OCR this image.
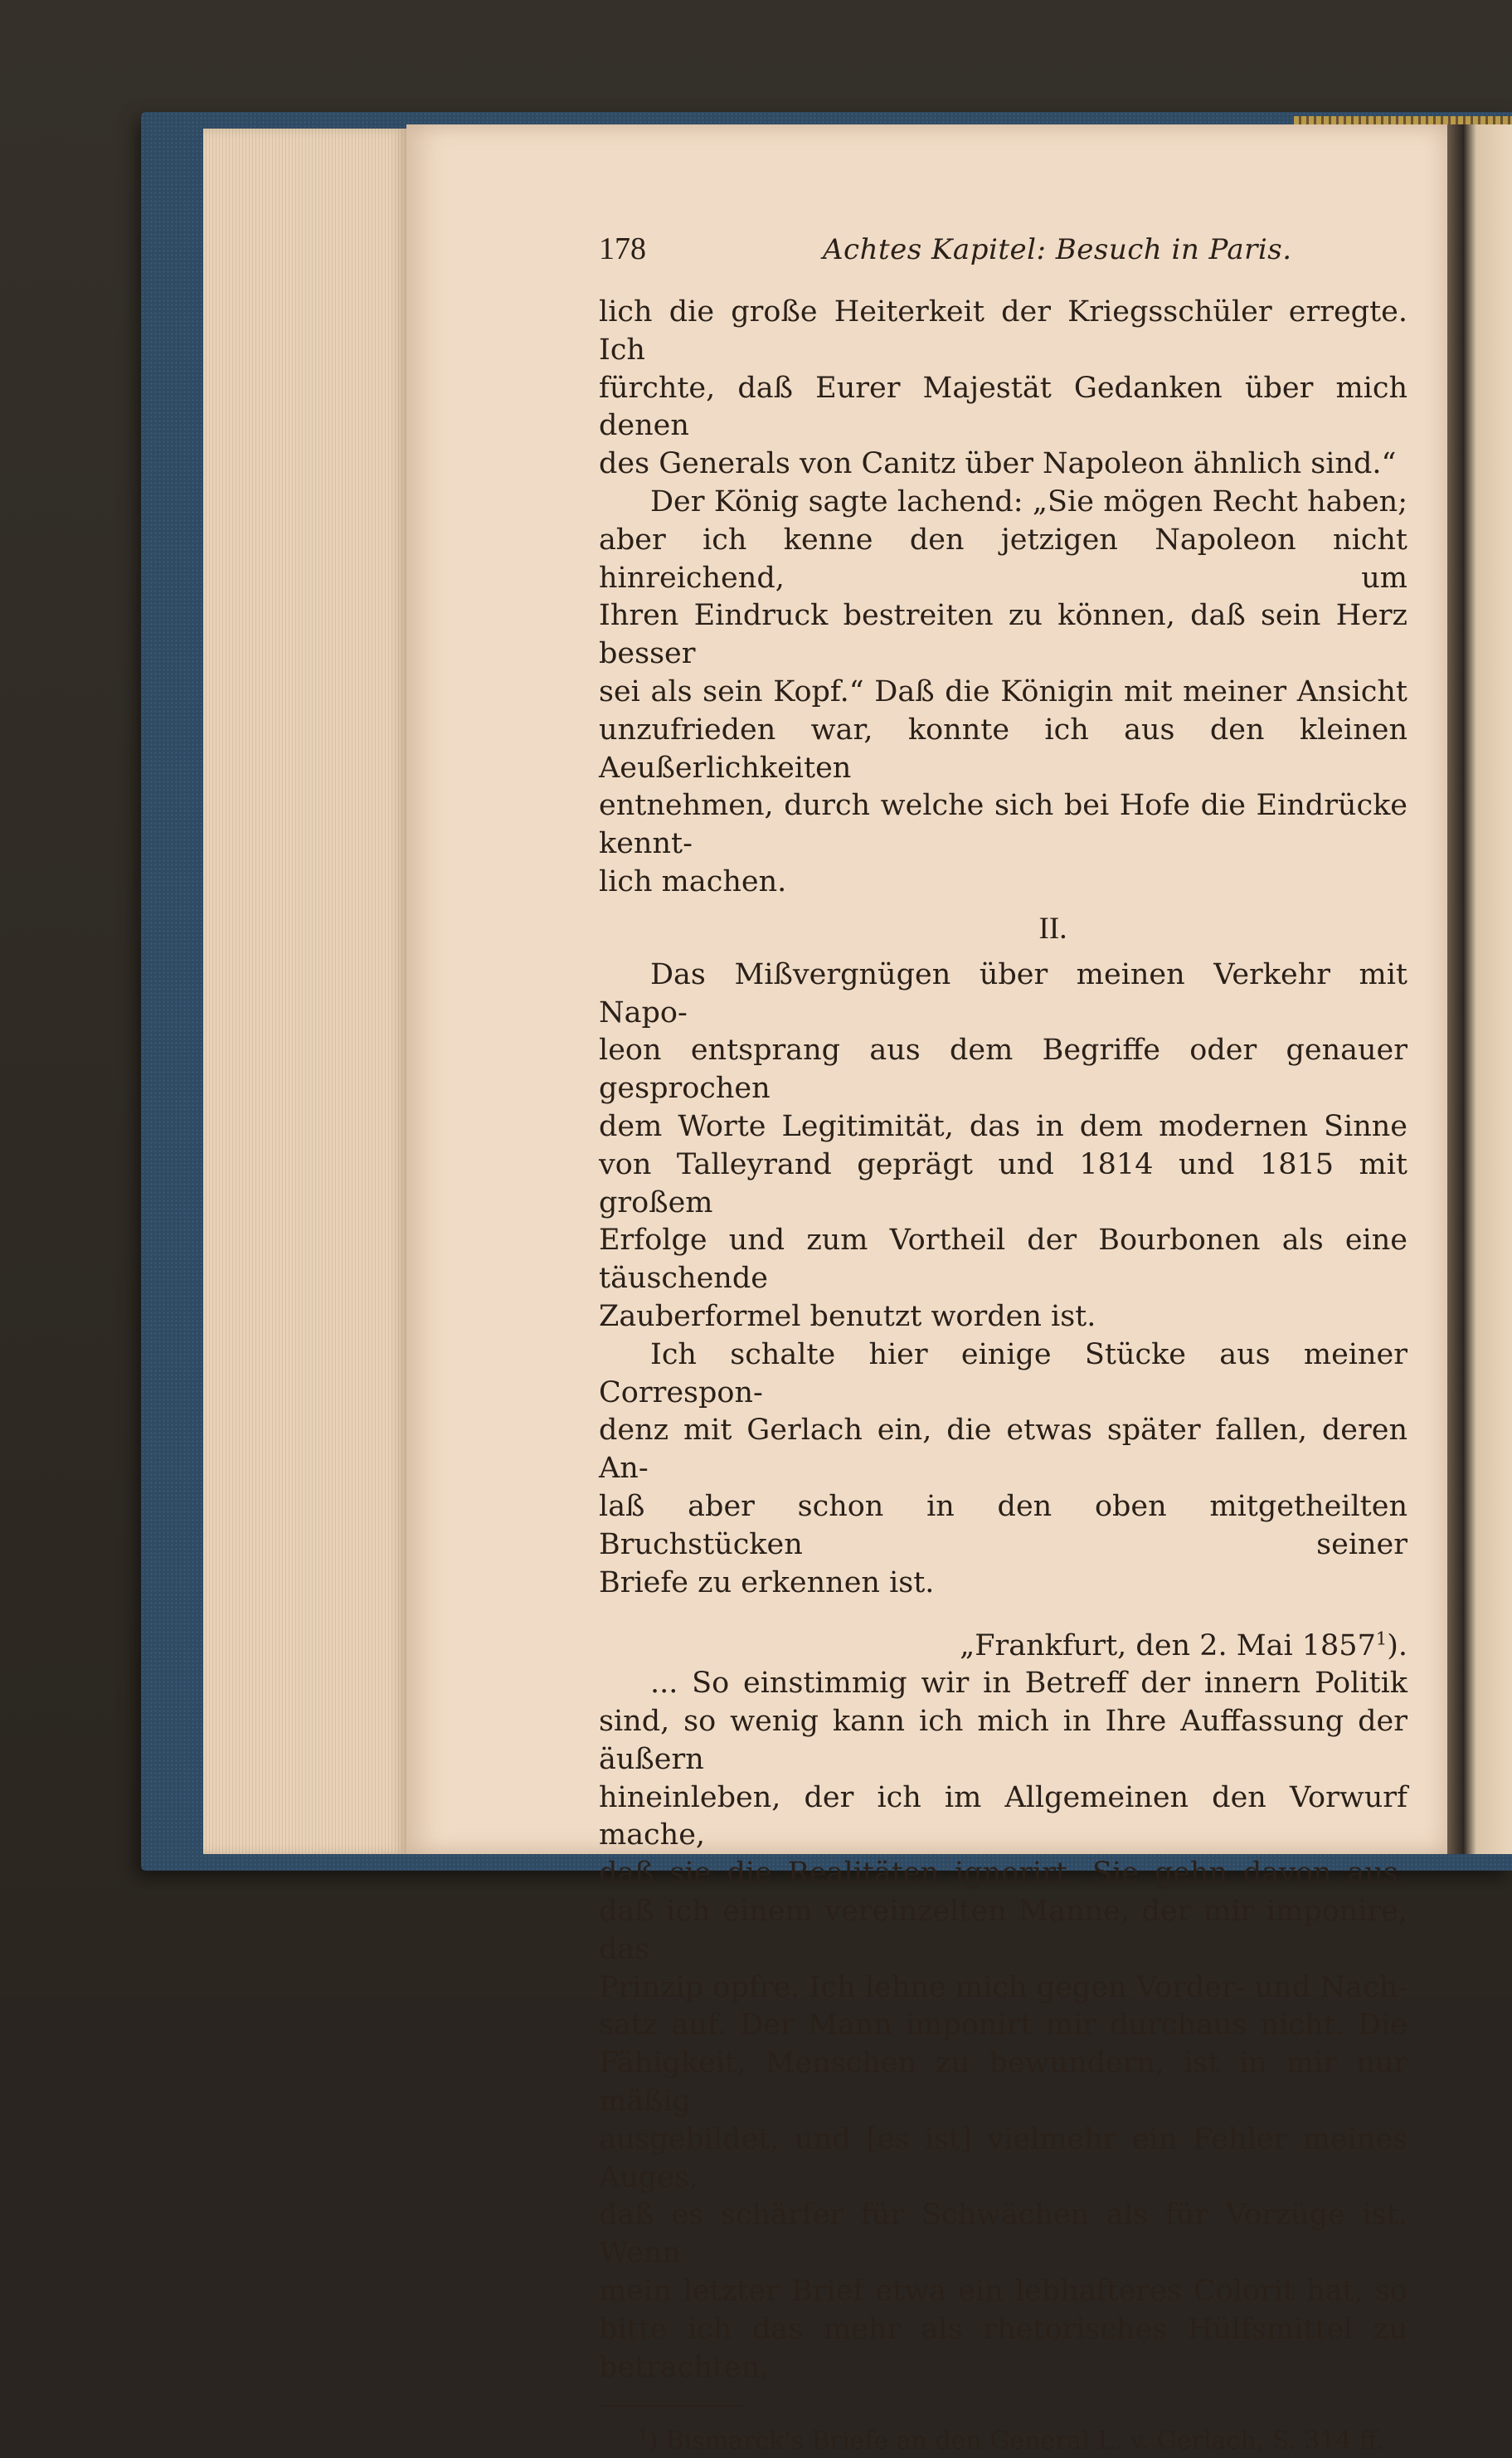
178	Achtes Kapitel: Besuch in Paris.

lich die große Heiterkeit der Kriegsschüler erregte. Ich

fürchte, daß Eurer Majestät Gedanken über mich denen

des Generals von Canitz über Napoleon ähnlich sind.“

Der König sagte lachend: „Sie mögen Recht haben;

aber ich kenne den jetzigen Napoleon nicht hinreichend, um

Ihren Eindruck bestreiten zu können, daß sein Herz besser

sei als sein Kopf.“ Daß die Königin mit meiner Ansicht

unzufrieden war, konnte ich aus den kleinen Aeußerlichkeiten

entnehmen, durch welche sich bei Hofe die Eindrücke kennt-

lich machen.

II.

Das Mißvergnügen über meinen Verkehr mit Napo-

leon entsprang aus dem Begriffe oder genauer gesprochen

dem Worte Legitimität, das in dem modernen Sinne

von Talleyrand geprägt und 1814 und 1815 mit großem

Erfolge und zum Vortheil der Bourbonen als eine täuschende

Zauberformel benutzt worden ist.

Ich schalte hier einige Stücke aus meiner Correspon-

denz mit Gerlach ein, die etwas später fallen, deren An-

laß aber schon in den oben mitgetheilten Bruchstücken seiner

Briefe zu erkennen ist.

„Frankfurt, den 2. Mai 1857$^1$).

... So einstimmig wir in Betreff der innern Politik

sind, so wenig kann ich mich in Ihre Auffassung der äußern

hineinleben, der ich im Allgemeinen den Vorwurf mache,

daß sie die Realitäten ignorirt. Sie gehn davon aus,

daß ich einem vereinzelten Manne, der mir imponire, das

Prinzip opfre. Ich lehne mich gegen Vorder- und Nach-

satz auf. Der Mann imponirt mir durchaus nicht. Die

Fähigkeit, Menschen zu bewundern, ist in mir nur mäßig

ausgebildet, und [es ist] vielmehr ein Fehler meines Auges,

daß es schärfer für Schwächen als für Vorzüge ist. Wenn

mein letzter Brief etwa ein lebhafteres Colorit hat, so

bitte ich das mehr als rhetorisches Hülfsmittel zu betrachten,

$^1$) Bismarck's Briefe an den General L. v. Gerlach, S. 314 ff.
